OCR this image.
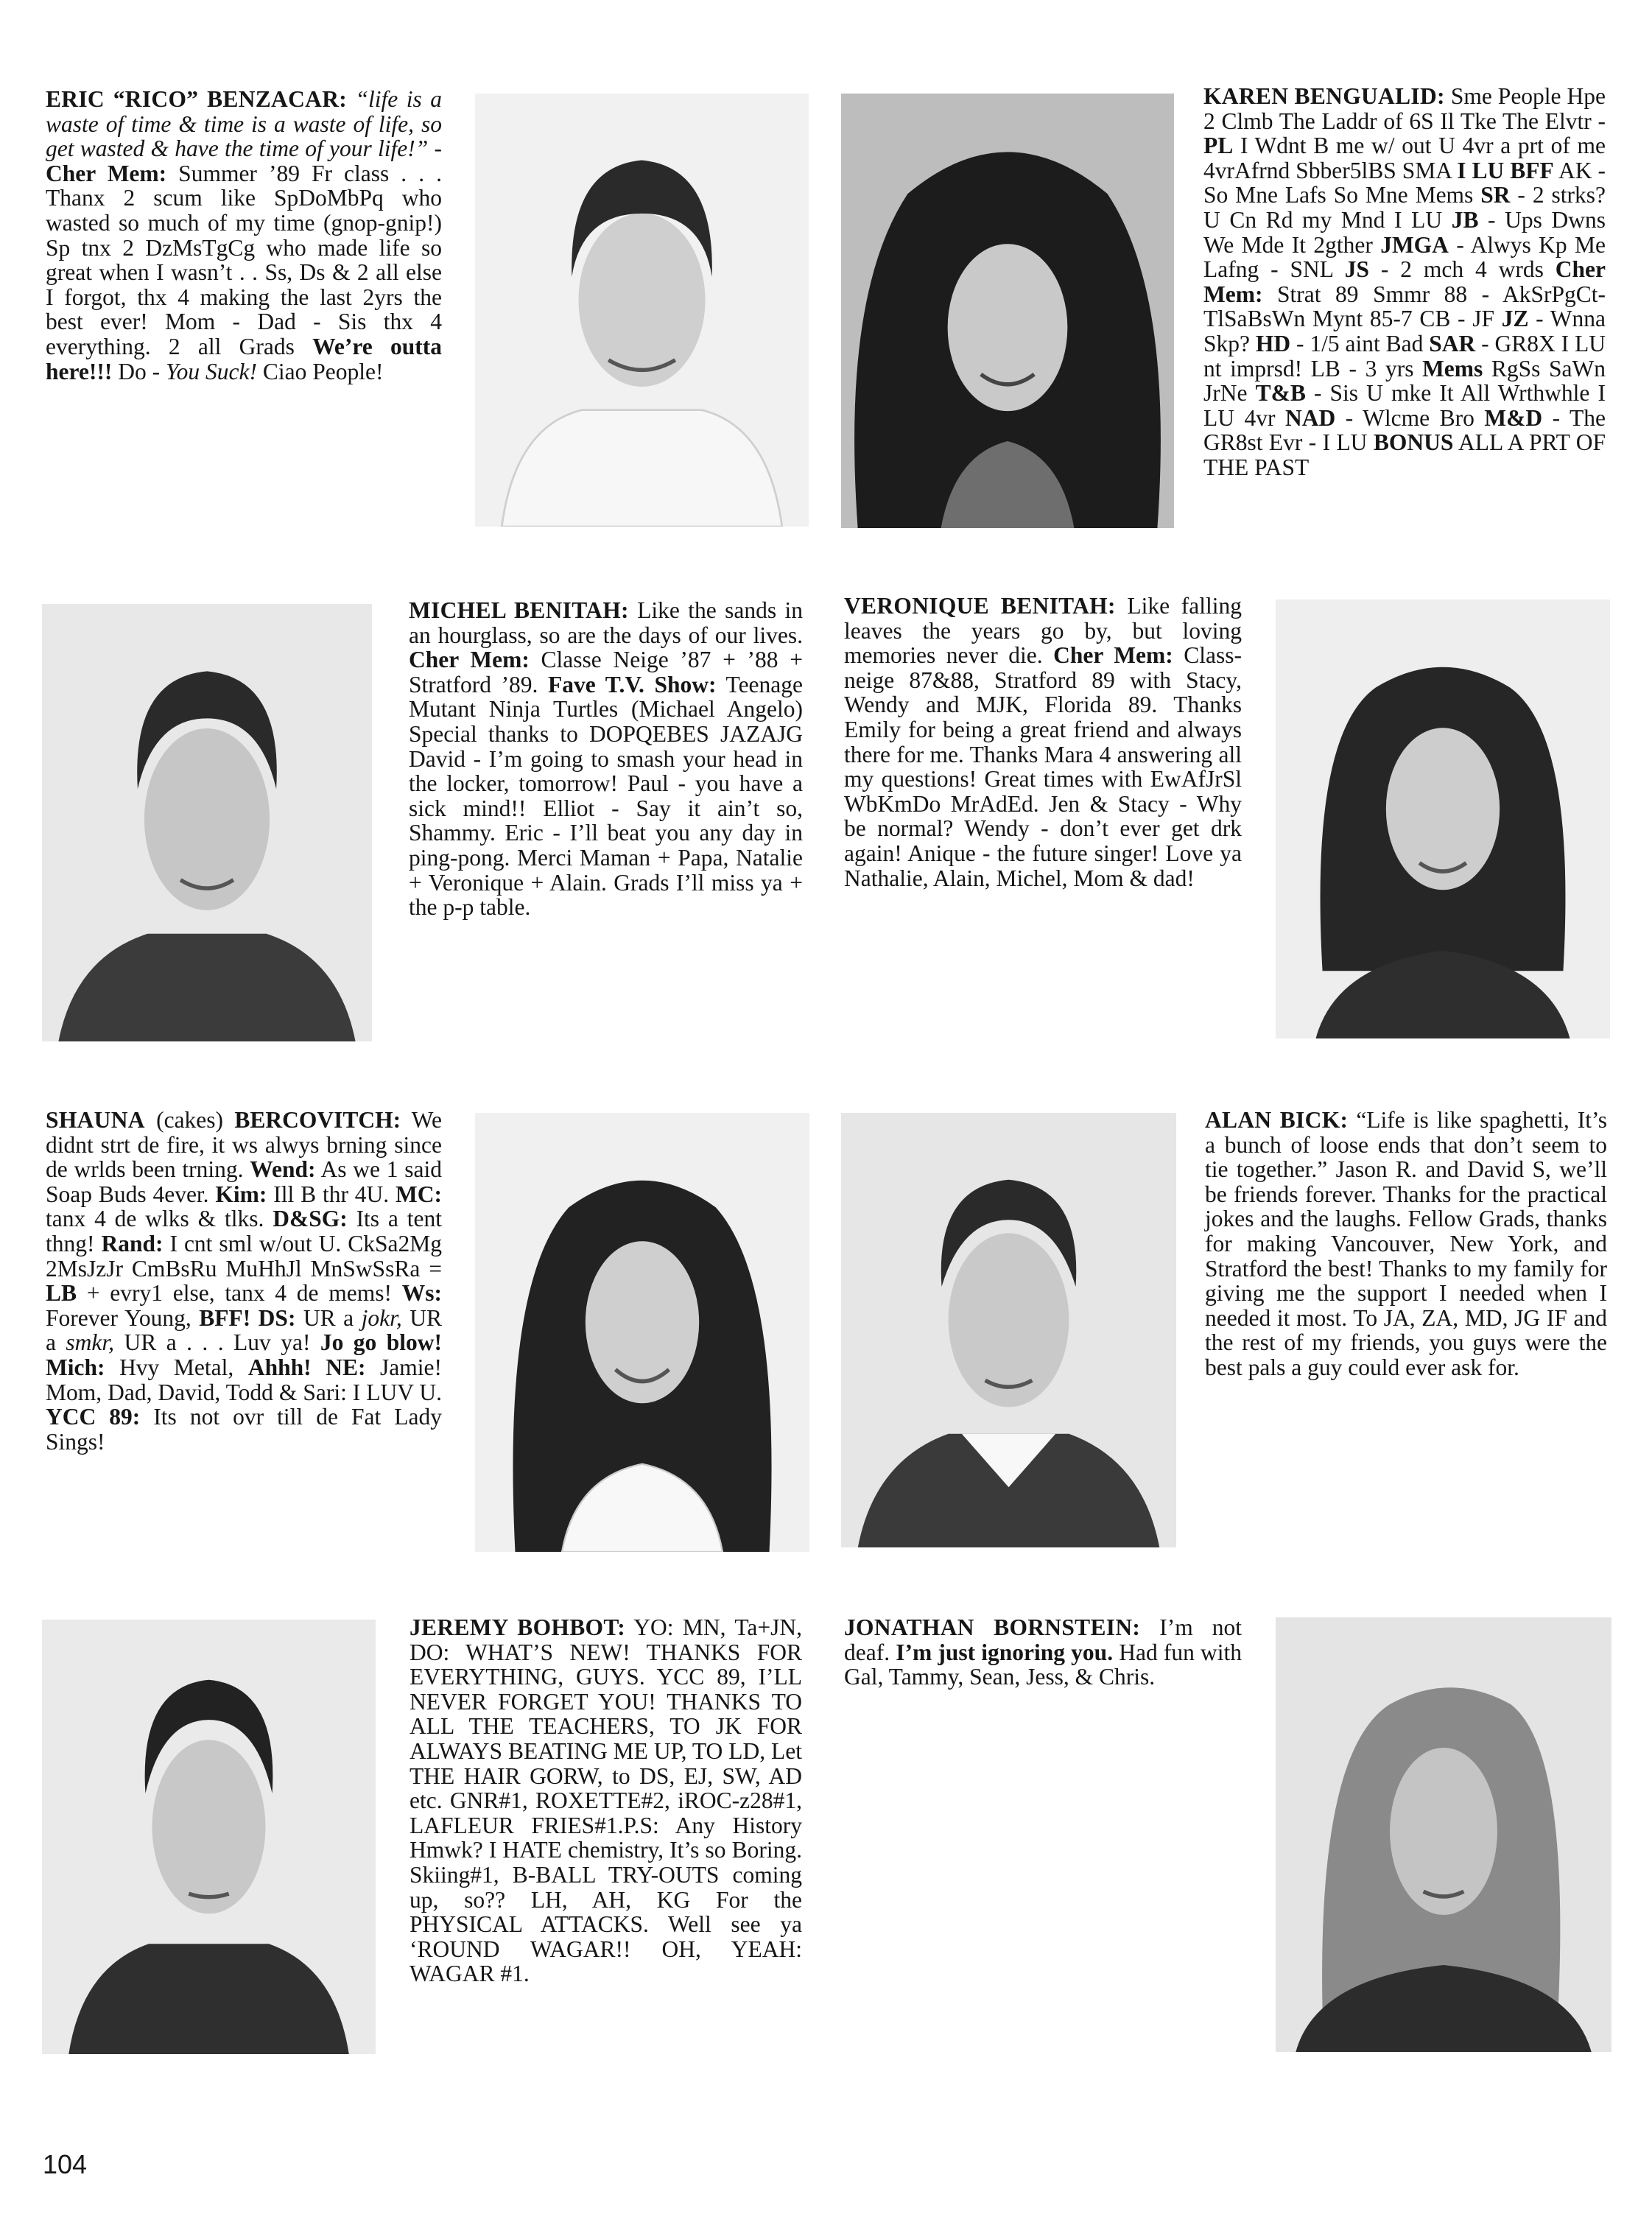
ERIC “RICO” BENZACAR: “life is a waste of time & time is a waste of life, so get wasted & have the time of your life!” - Cher Mem: Summer ’89 Fr class . . . Thanx 2 scum like SpDoMbPq who wasted so much of my time (gnop-gnip!) Sp tnx 2 DzMsTgCg who made life so great when I wasn’t . . Ss, Ds & 2 all else I forgot, thx 4 making the last 2yrs the best ever! Mom - Dad - Sis thx 4 everything. 2 all Grads We’re outta here!!! Do - You Suck! Ciao People!
KAREN BENGUALID: Sme People Hpe 2 Clmb The Laddr of 6S Il Tke The Elvtr - PL I Wdnt B me w/ out U 4vr a prt of me 4vrAfrnd Sbber5lBS SMA I LU BFF AK - So Mne Lafs So Mne Mems SR - 2 strks? U Cn Rd my Mnd I LU JB - Ups Dwns We Mde It 2gther JMGA - Alwys Kp Me Lafng - SNL JS - 2 mch 4 wrds Cher Mem: Strat 89 Smmr 88 - AkSrPgCt-TlSaBsWn Mynt 85-7 CB - JF JZ - Wnna Skp? HD - 1/5 aint Bad SAR - GR8X I LU nt imprsd! LB - 3 yrs Mems RgSs SaWn JrNe T&B - Sis U mke It All Wrthwhle I LU 4vr NAD - Wlcme Bro M&D - The GR8st Evr - I LU BONUS ALL A PRT OF THE PAST
MICHEL BENITAH: Like the sands in an hourglass, so are the days of our lives. Cher Mem: Classe Neige ’87 + ’88 + Stratford ’89. Fave T.V. Show: Teenage Mutant Ninja Turtles (Michael Angelo) Special thanks to DOPQEBES JAZAJG David - I’m going to smash your head in the locker, tomorrow! Paul - you have a sick mind!! Elliot - Say it ain’t so, Shammy. Eric - I’ll beat you any day in ping-pong. Merci Maman + Papa, Natalie + Veronique + Alain. Grads I’ll miss ya + the p-p table.
VERONIQUE BENITAH: Like falling leaves the years go by, but loving memories never die. Cher Mem: Class-neige 87&88, Stratford 89 with Stacy, Wendy and MJK, Florida 89. Thanks Emily for being a great friend and always there for me. Thanks Mara 4 answering all my questions! Great times with EwAfJrSl WbKmDo MrAdEd. Jen & Stacy - Why be normal? Wendy - don’t ever get drk again! Anique - the future singer! Love ya Nathalie, Alain, Michel, Mom & dad!
SHAUNA (cakes) BERCOVITCH: We didnt strt de fire, it ws alwys brning since de wrlds been trning. Wend: As we 1 said Soap Buds 4ever. Kim: Ill B thr 4U. MC: tanx 4 de wlks & tlks. D&SG: Its a tent thng! Rand: I cnt sml w/out U. CkSa2Mg 2MsJzJr CmBsRu MuHhJl MnSwSsRa = LB + evry1 else, tanx 4 de mems! Ws: Forever Young, BFF! DS: UR a jokr, UR a smkr, UR a . . . Luv ya! Jo go blow! Mich: Hvy Metal, Ahhh! NE: Jamie! Mom, Dad, David, Todd & Sari: I LUV U. YCC 89: Its not ovr till de Fat Lady Sings!
ALAN BICK: “Life is like spaghetti, It’s a bunch of loose ends that don’t seem to tie together.” Jason R. and David S, we’ll be friends forever. Thanks for the practical jokes and the laughs. Fellow Grads, thanks for making Vancouver, New York, and Stratford the best! Thanks to my family for giving me the support I needed when I needed it most. To JA, ZA, MD, JG IF and the rest of my friends, you guys were the best pals a guy could ever ask for.
JEREMY BOHBOT: YO: MN, Ta+JN, DO: WHAT’S NEW! THANKS FOR EVERYTHING, GUYS. YCC 89, I’LL NEVER FORGET YOU! THANKS TO ALL THE TEACHERS, TO JK FOR ALWAYS BEATING ME UP, TO LD, Let THE HAIR GORW, to DS, EJ, SW, AD etc. GNR#1, ROXETTE#2, iROC-z28#1, LAFLEUR FRIES#1.P.S: Any History Hmwk? I HATE chemistry, It’s so Boring. Skiing#1, B-BALL TRY-OUTS coming up, so?? LH, AH, KG For the PHYSICAL ATTACKS. Well see ya ‘ROUND WAGAR!! OH, YEAH: WAGAR #1.
JONATHAN BORNSTEIN: I’m not deaf. I’m just ignoring you. Had fun with Gal, Tammy, Sean, Jess, & Chris.
104
